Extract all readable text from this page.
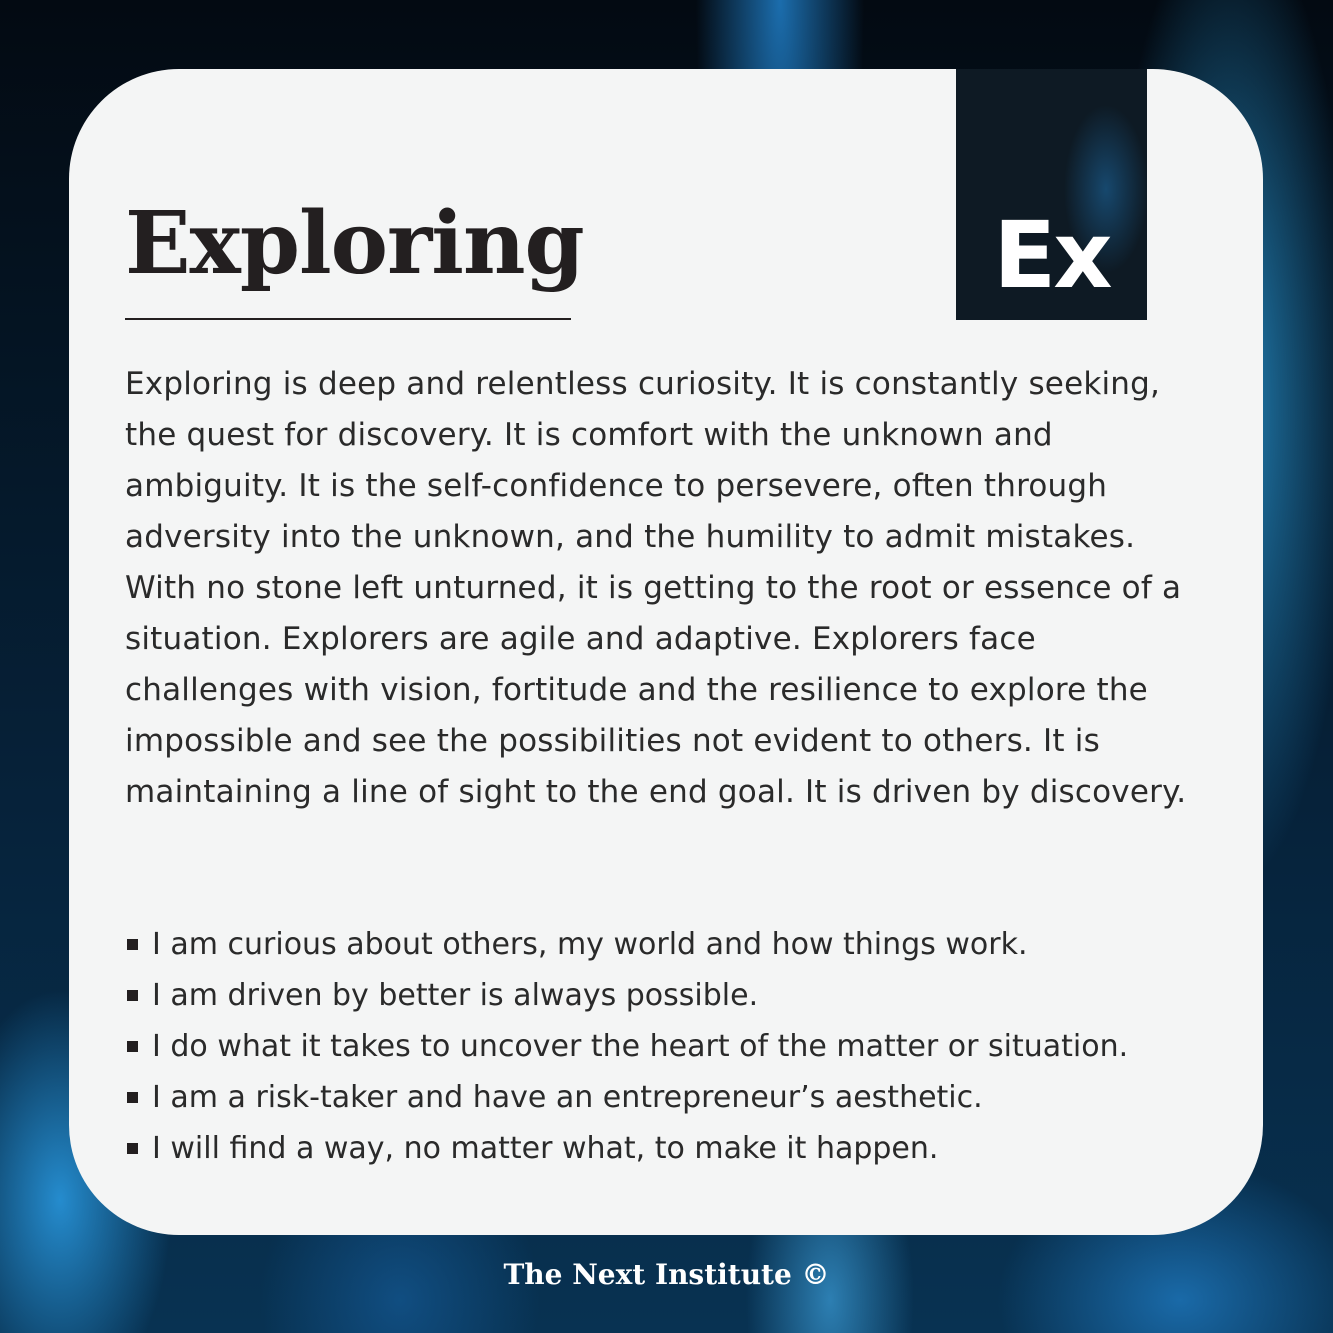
Ex
Exploring

Exploring is deep and relentless curiosity. It is constantly seeking, the quest for discovery. It is comfort with the unknown and ambiguity. It is the self-confidence to persevere, often through adversity into the unknown, and the humility to admit mistakes. With no stone left unturned, it is getting to the root or essence of a situation. Explorers are agile and adaptive. Explorers face challenges with vision, fortitude and the resilience to explore the impossible and see the possibilities not evident to others. It is maintaining a line of sight to the end goal. It is driven by discovery.

I am curious about others, my world and how things work.
I am driven by better is always possible.
I do what it takes to uncover the heart of the matter or situation.
I am a risk-taker and have an entrepreneur’s aesthetic.
I will find a way, no matter what, to make it happen.
The Next Institute ©
